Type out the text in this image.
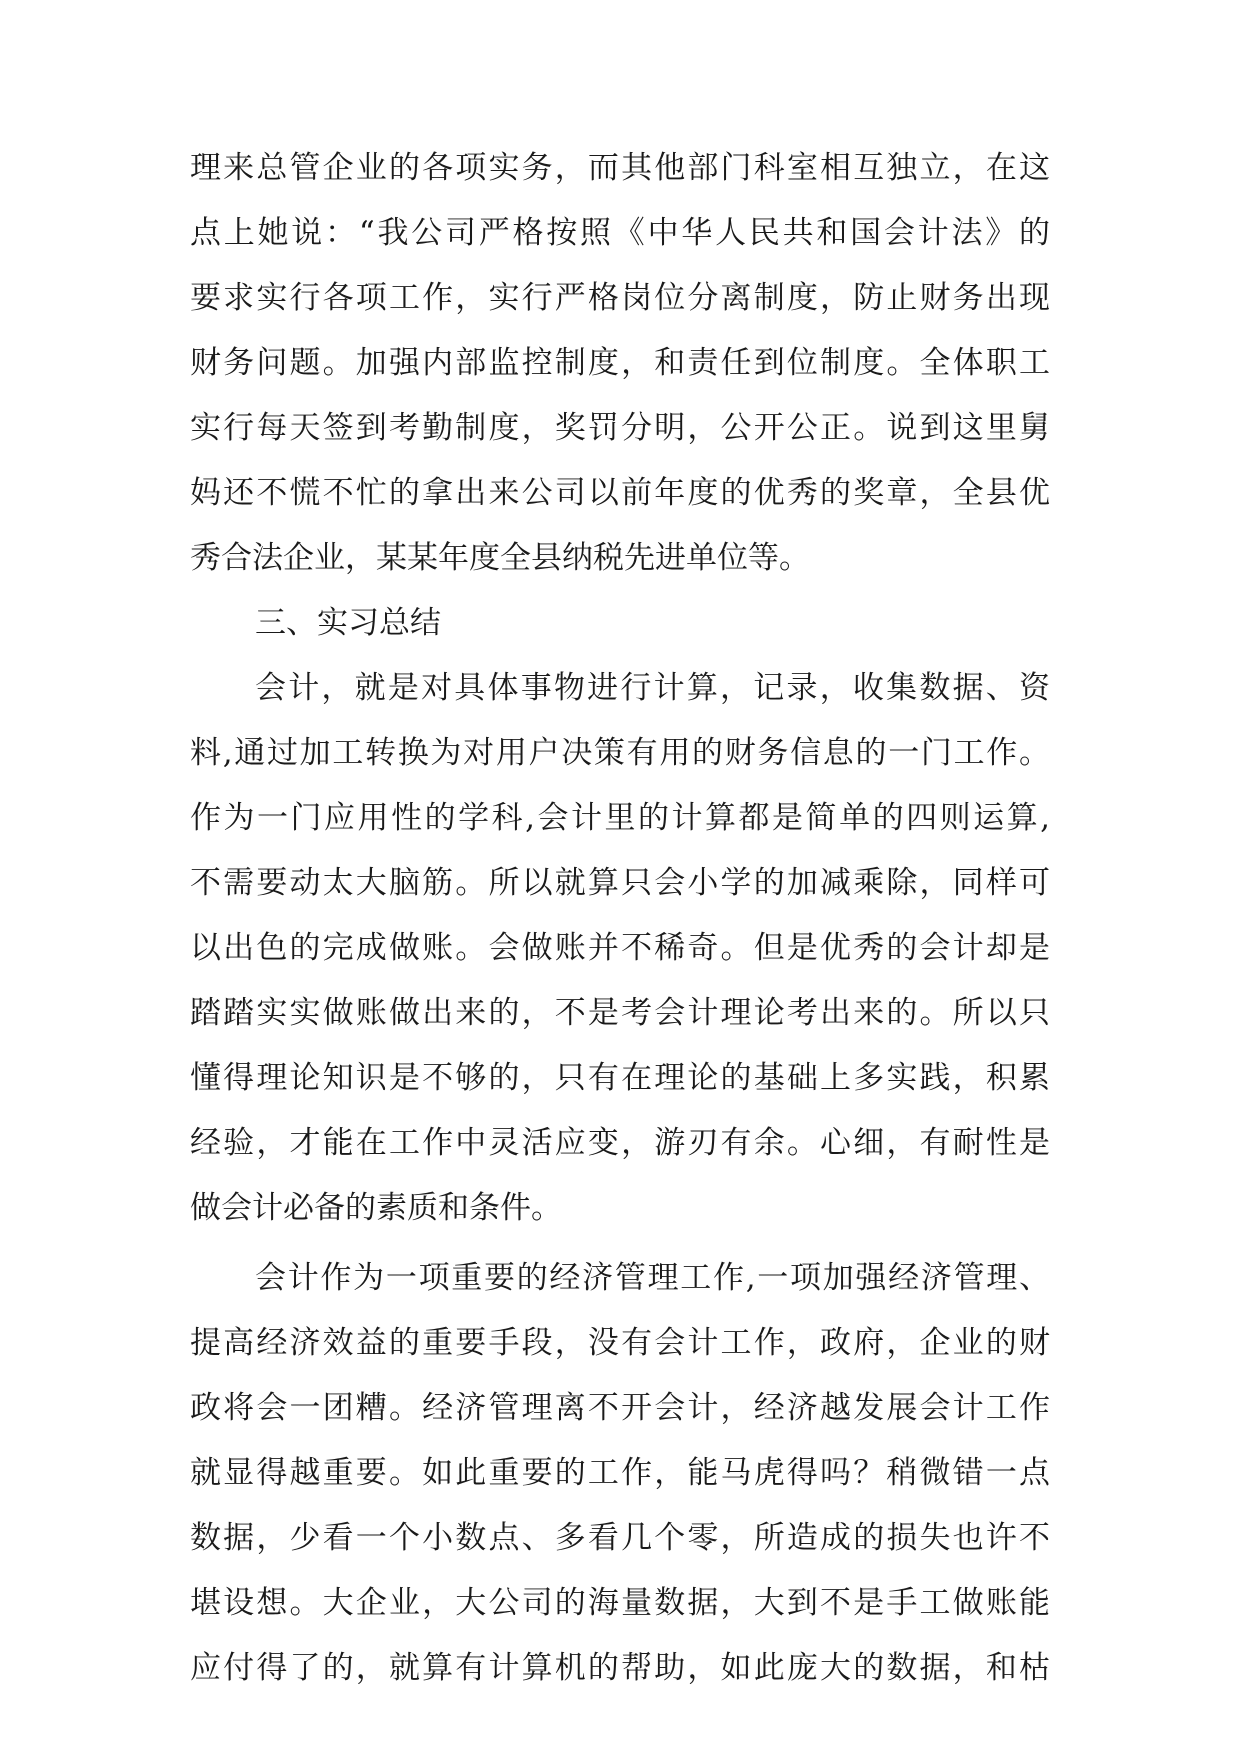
理来总管企业的各项实务，而其他部门科室相互独立，在这
点上她说：“我公司严格按照《中华人民共和国会计法》的
要求实行各项工作，实行严格岗位分离制度，防止财务出现
财务问题。加强内部监控制度，和责任到位制度。全体职工
实行每天签到考勤制度，奖罚分明，公开公正。说到这里舅
妈还不慌不忙的拿出来公司以前年度的优秀的奖章，全县优
秀合法企业，某某年度全县纳税先进单位等。
三、实习总结
会计，就是对具体事物进行计算，记录，收集数据、资
料,通过加工转换为对用户决策有用的财务信息的一门工作。
作为一门应用性的学科,会计里的计算都是简单的四则运算,
不需要动太大脑筋。所以就算只会小学的加减乘除，同样可
以出色的完成做账。会做账并不稀奇。但是优秀的会计却是
踏踏实实做账做出来的，不是考会计理论考出来的。所以只
懂得理论知识是不够的，只有在理论的基础上多实践，积累
经验，才能在工作中灵活应变，游刃有余。心细，有耐性是
做会计必备的素质和条件。
会计作为一项重要的经济管理工作,一项加强经济管理、
提高经济效益的重要手段，没有会计工作，政府，企业的财
政将会一团糟。经济管理离不开会计，经济越发展会计工作
就显得越重要。如此重要的工作，能马虎得吗？稍微错一点
数据，少看一个小数点、多看几个零，所造成的损失也许不
堪设想。大企业，大公司的海量数据，大到不是手工做账能
应付得了的，就算有计算机的帮助，如此庞大的数据，和枯
